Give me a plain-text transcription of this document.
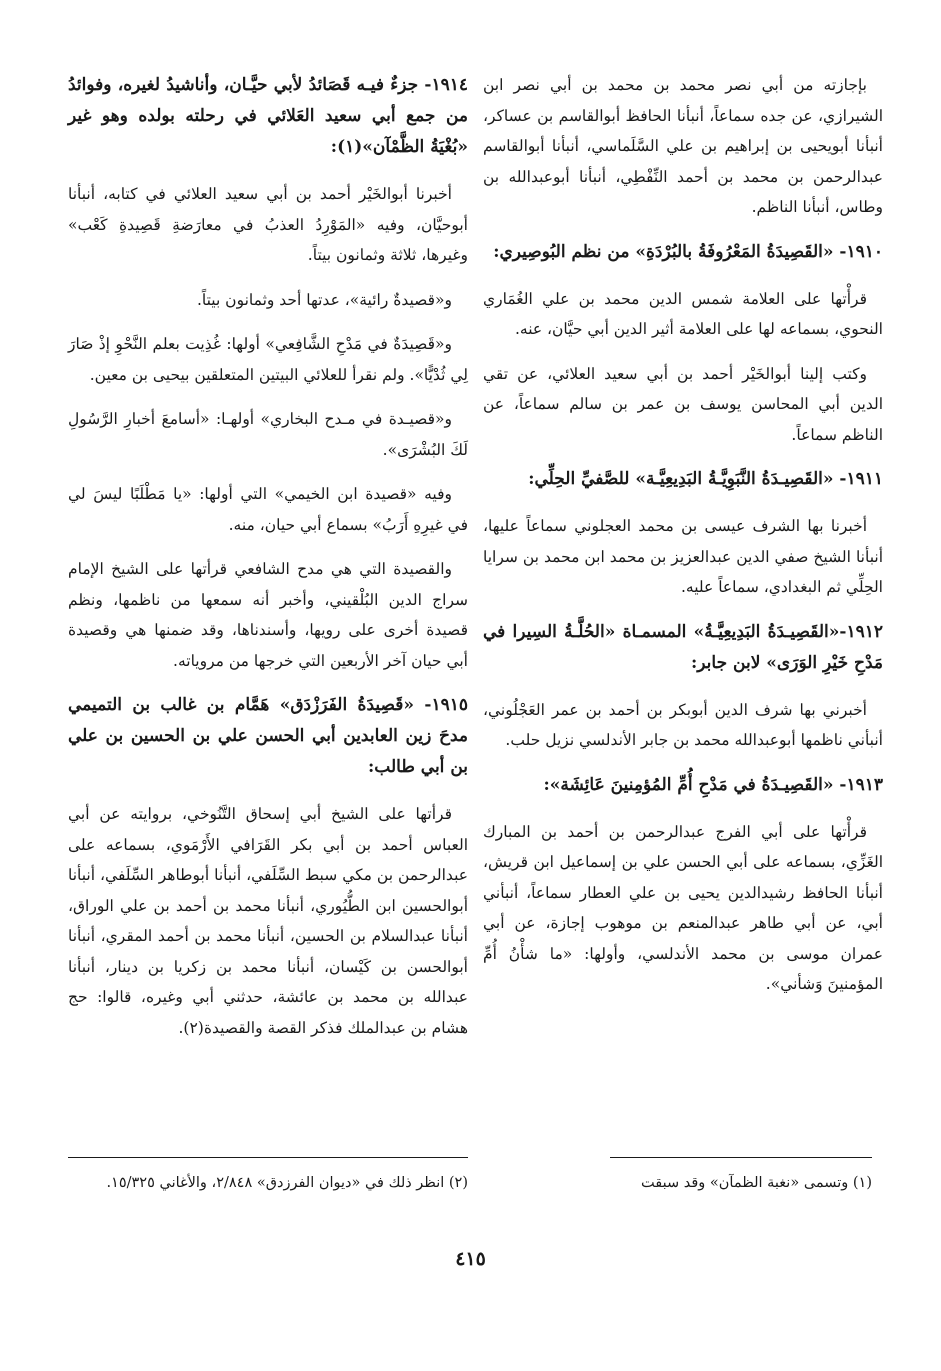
بإجازته من أبي نصر محمد بن محمد بن أبي نصر ابن الشيرازي، عن جده سماعاً، أنبأنا الحافظ أبوالقاسم بن عساكر، أنبأنا أبويحيى بن إبراهيم بن علي السَّلَماسي، أنبأنا أبوالقاسم عبدالرحمن بن محمد بن أحمد النِّفْطِي، أنبأنا أبوعبدالله بن وطاس، أنبأنا الناظم.
١٩١٠- «القَصِيدَةُ المَعْرُوفَةُ بالبُرْدَةِ» من نظم البُوصِيري:
قرأْتها على العلامة شمس الدين محمد بن علي الغُمَاري النحوي، بسماعه لها على العلامة أثير الدين أبي حيَّان، عنه.
وكتب إلينا أبوالخَيْر أحمد بن أبي سعيد العلائي، عن تقي الدين أبي المحاسن يوسف بن عمر بن سالم سماعاً، عن الناظم سماعاً.
١٩١١- «القَصِيـدَةُ النَّبَوِيَّـةُ البَدِيعِيَّـة» للصَّفيِّ الحِلِّي:
أخبرنا بها الشرف عيسى بن محمد العجلوني سماعاً عليها، أنبأنا الشيخ صفي الدين عبدالعزيز بن محمد ابن محمد بن سرايا الحِلِّي ثم البغدادي، سماعاً عليه.
١٩١٢-«القَصِيـدَةُ البَدِيعِيَّـةُ» المسمـاة «الحُلَّـةُ السِيرا في مَدْحِ خَيْرِ الوَرَى» لابن جابر:
أخبرني بها شرف الدين أبوبكر بن أحمد بن عمر العَجْلُوني، أنبأني ناظمها أبوعبدالله محمد بن جابر الأندلسي نزيل حلب.
١٩١٣- «القَصِيـدَةُ في مَدْحِ أُمِّ المُؤمِنينَ عَائِشَة»:
قرأْتها على أبي الفرج عبدالرحمن بن أحمد بن المبارك الغَزِّي، بسماعه على أبي الحسن علي بن إسماعيل ابن قريش، أنبأنا الحافظ رشيدالدين يحيى بن علي العطار سماعاً، أنبأني أبي، عن أبي طاهر عبدالمنعم بن موهوب إجازة، عن أبي عمران موسى بن محمد الأندلسي، وأولها: «ما شأْنُ أُمِّ المؤمنينَ وَشأني».
١٩١٤- جزءٌ فيـه قَصَائدُ لأبي حيَّـان، وأناشيدُ لغيره، وفوائدُ من جمع أبي سعيد العَلائي في رحلته بولده وهو غير «بُغْيَةُ الظَّمْآن»(١):
أخبرنا أبوالخَيْر أحمد بن أبي سعيد العلائي في كتابه، أنبأنا أبوحيَّان، وفيه «المَوْرِدُ العذبُ في معارَضةِ قَصِيدةِ كَعْب» وغيرها، ثلاثة وثمانون بيتاً.
و«قصيدةٌ رائية»، عدتها أحد وثمانون بيتاً.
و«قَصِيدَةٌ في مَدْحِ الشَّافِعي» أولها: غُذِيت بعلم النَّحْوِ إذْ صَارَ لِي ثُدْيًّا». ولم نقرأ للعلائي البيتين المتعلقين بيحيى بن معين.
و«قصيـدة في مـدح البخاري» أولهـا: «أسامعَ أخبارِ الرَّسُولِ لَكَ البُشْرَى».
وفيه «قصيدة ابن الخيمي» التي أولها: «يا مَطْلَبًا ليسَ لي في غيرِهِ أَرَبُ» بسماع أبي حيان، منه.
والقصيدة التي هي مدح الشافعي قرأتها على الشيخ الإمام سراج الدين البُلْقيني، وأخبر أنه سمعها من ناظمها، ونظم قصيدة أخرى على رويها، وأسندناها، وقد ضمنها هي وقصيدة أبي حيان آخر الأربعين التي خرجها من مروياته.
١٩١٥- «قَصِيدَةُ الفَرَزْدَق» هَمَّام بن غالب بن التميمي مدحَ زين العابدين أبي الحسن علي بن الحسين بن علي بن أبي طالب:
قرأتها على الشيخ أبي إسحاق التَّنُوخي، بروايته عن أبي العباس أحمد بن أبي بكر القَرَافي الأَرْمَوي، بسماعه على عبدالرحمن بن مكي سبط السِّلَفي، أنبأنا أبوطاهر السِّلَفي، أنبأنا أبوالحسين ابن الطُّيُوري، أنبأنا محمد بن أحمد بن علي الوراق، أنبأنا عبدالسلام بن الحسين، أنبأنا محمد بن أحمد المقري، أنبأنا أبوالحسن بن كَيْسان، أنبأنا محمد بن زكريا بن دينار، أنبأنا عبدالله بن محمد بن عائشة، حدثني أبي وغيره، قالوا: حج هشام بن عبدالملك فذكر القصة والقصيدة(٢).
(١) وتسمى «نغبة الظمآن» وقد سبقت
(٢) انظر ذلك في «ديوان الفرزدق» ٢/٨٤٨، والأغاني ١٥/٣٢٥.
٤١٥
